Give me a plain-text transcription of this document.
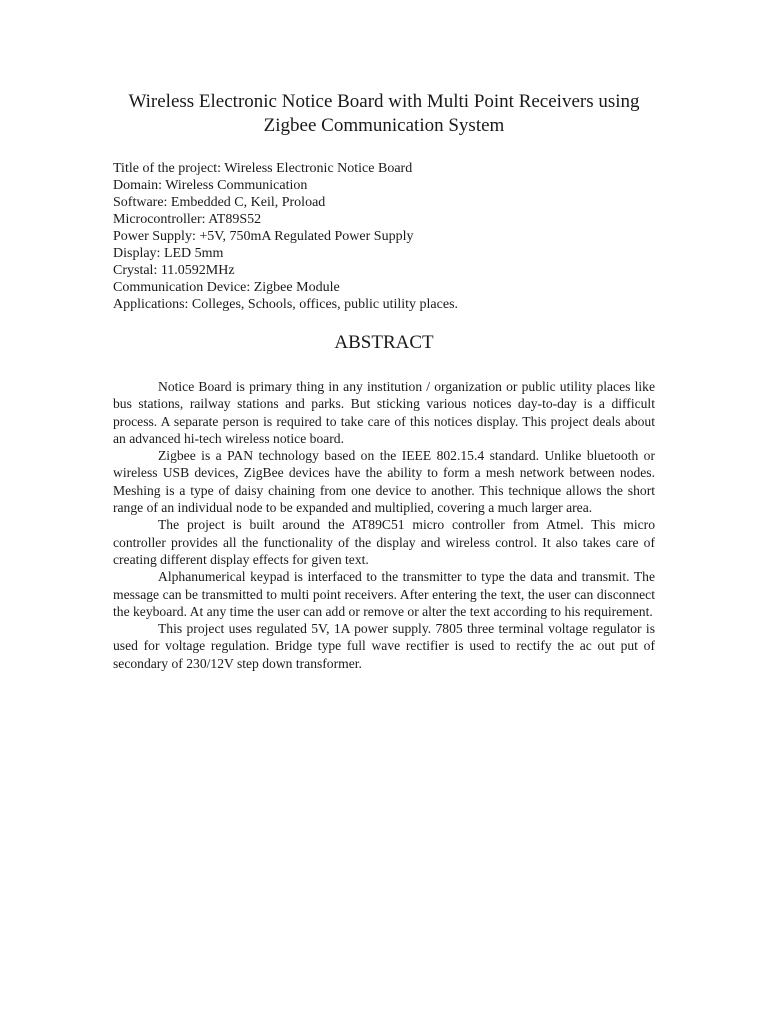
Wireless Electronic Notice Board with Multi Point Receivers using Zigbee Communication System
Title of the project: Wireless Electronic Notice Board
Domain: Wireless Communication
Software: Embedded C, Keil, Proload
Microcontroller: AT89S52
Power Supply: +5V, 750mA Regulated Power Supply
Display: LED 5mm
Crystal: 11.0592MHz
Communication Device: Zigbee Module
Applications: Colleges, Schools, offices, public utility places.
ABSTRACT

Notice Board is primary thing in any institution / organization or public utility places like bus stations, railway stations and parks. But sticking various notices day-to-day is a difficult process. A separate person is required to take care of this notices display. This project deals about an advanced hi-tech wireless notice board.

Zigbee is a PAN technology based on the IEEE 802.15.4 standard. Unlike bluetooth or wireless USB devices, ZigBee devices have the ability to form a mesh network between nodes. Meshing is a type of daisy chaining from one device to another. This technique allows the short range of an individual node to be expanded and multiplied, covering a much larger area.

The project is built around the AT89C51 micro controller from Atmel. This micro controller provides all the functionality of the display and wireless control. It also takes care of creating different display effects for given text.

Alphanumerical keypad is interfaced to the transmitter to type the data and transmit. The message can be transmitted to multi point receivers. After entering the text, the user can disconnect the keyboard. At any time the user can add or remove or alter the text according to his requirement.

This project uses regulated 5V, 1A power supply. 7805 three terminal voltage regulator is used for voltage regulation. Bridge type full wave rectifier is used to rectify the ac out put of secondary of 230/12V step down transformer.
